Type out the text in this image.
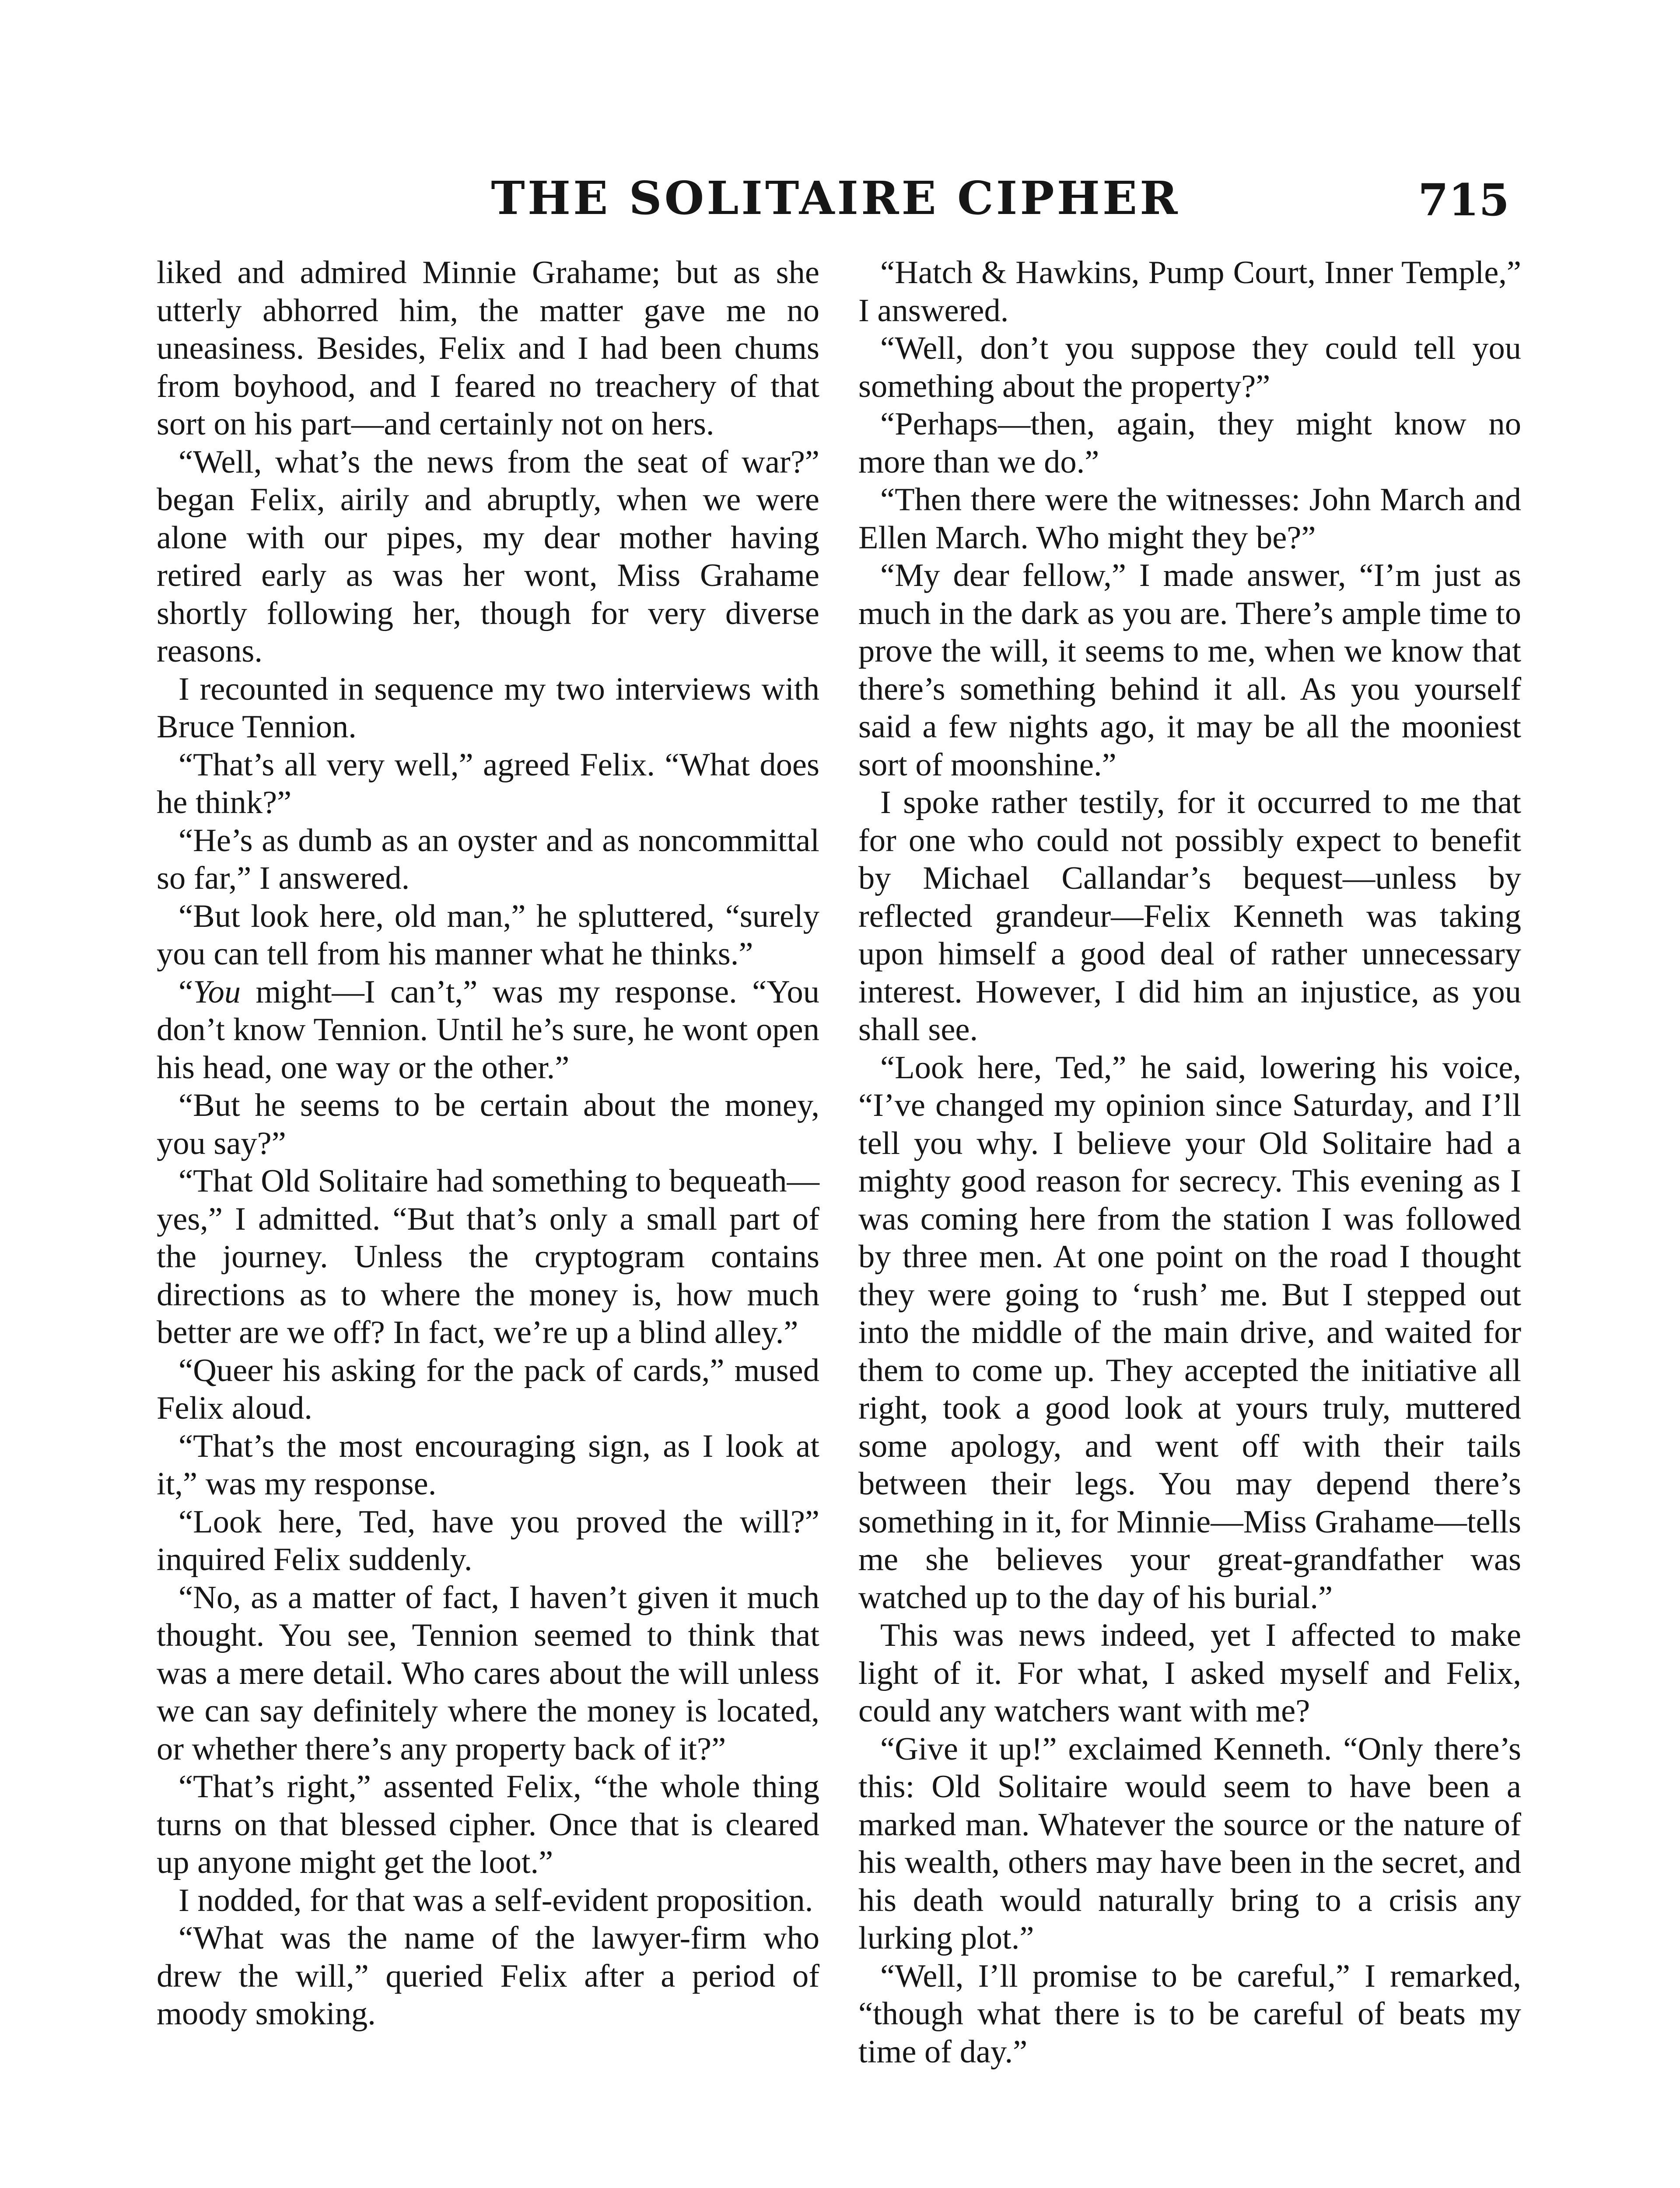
THE SOLITAIRE CIPHER	715

liked and admired Minnie Grahame; but as she utterly abhorred him, the matter gave me no uneasiness. Besides, Felix and I had been chums from boyhood, and I feared no treachery of that sort on his part—and certainly not on hers.

“Well, what’s the news from the seat of war?” began Felix, airily and abruptly, when we were alone with our pipes, my dear mother having retired early as was her wont, Miss Grahame shortly following her, though for very diverse reasons.

I recounted in sequence my two interviews with Bruce Tennion.

“That’s all very well,” agreed Felix. “What does he think?”

“He’s as dumb as an oyster and as noncommittal so far,” I answered.

“But look here, old man,” he spluttered, “surely you can tell from his manner what he thinks.”

“You might—I can’t,” was my response. “You don’t know Tennion. Until he’s sure, he wont open his head, one way or the other.”

“But he seems to be certain about the money, you say?”

“That Old Solitaire had something to bequeath—yes,” I admitted. “But that’s only a small part of the journey. Unless the cryptogram contains directions as to where the money is, how much better are we off? In fact, we’re up a blind alley.”

“Queer his asking for the pack of cards,” mused Felix aloud.

“That’s the most encouraging sign, as I look at it,” was my response.

“Look here, Ted, have you proved the will?” inquired Felix suddenly.

“No, as a matter of fact, I haven’t given it much thought. You see, Tennion seemed to think that was a mere detail. Who cares about the will unless we can say definitely where the money is located, or whether there’s any property back of it?”

“That’s right,” assented Felix, “the whole thing turns on that blessed cipher. Once that is cleared up anyone might get the loot.”

I nodded, for that was a self-evident proposition.

“What was the name of the lawyer-firm who drew the will,” queried Felix after a period of moody smoking.

“Hatch & Hawkins, Pump Court, Inner Temple,” I answered.

“Well, don’t you suppose they could tell you something about the property?”

“Perhaps—then, again, they might know no more than we do.”

“Then there were the witnesses: John March and Ellen March. Who might they be?”

“My dear fellow,” I made answer, “I’m just as much in the dark as you are. There’s ample time to prove the will, it seems to me, when we know that there’s something behind it all. As you yourself said a few nights ago, it may be all the mooniest sort of moonshine.”

I spoke rather testily, for it occurred to me that for one who could not possibly expect to benefit by Michael Callandar’s bequest—unless by reflected grandeur—Felix Kenneth was taking upon himself a good deal of rather unnecessary interest. However, I did him an injustice, as you shall see.

“Look here, Ted,” he said, lowering his voice, “I’ve changed my opinion since Saturday, and I’ll tell you why. I believe your Old Solitaire had a mighty good reason for secrecy. This evening as I was coming here from the station I was followed by three men. At one point on the road I thought they were going to ‘rush’ me. But I stepped out into the middle of the main drive, and waited for them to come up. They accepted the initiative all right, took a good look at yours truly, muttered some apology, and went off with their tails between their legs. You may depend there’s something in it, for Minnie—Miss Grahame—tells me she believes your great-grandfather was watched up to the day of his burial.”

This was news indeed, yet I affected to make light of it. For what, I asked myself and Felix, could any watchers want with me?

“Give it up!” exclaimed Kenneth. “Only there’s this: Old Solitaire would seem to have been a marked man. Whatever the source or the nature of his wealth, others may have been in the secret, and his death would naturally bring to a crisis any lurking plot.”

“Well, I’ll promise to be careful,” I remarked, “though what there is to be careful of beats my time of day.”
